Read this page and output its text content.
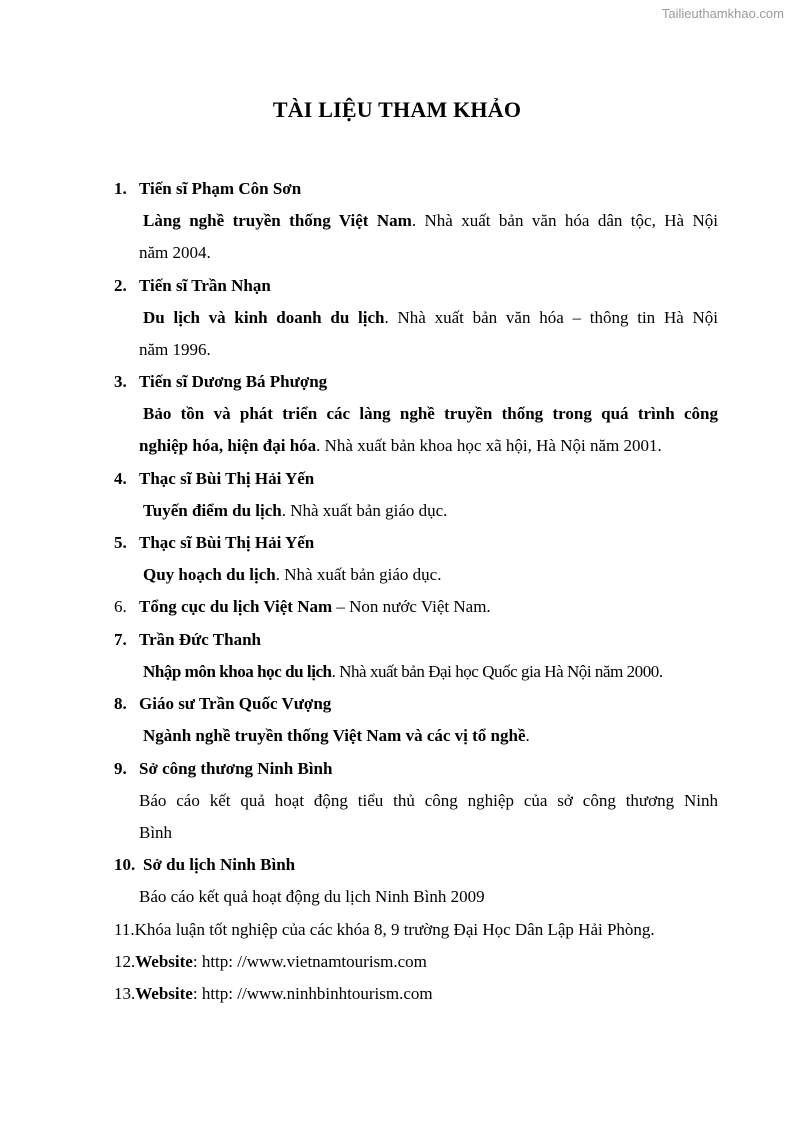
Tailieuthamkhao.com
TÀI LIỆU THAM KHẢO
1. Tiến sĩ Phạm Côn Sơn
Làng nghề truyền thống Việt Nam. Nhà xuất bản văn hóa dân tộc, Hà Nội
năm 2004.
2. Tiến sĩ Trần Nhạn
Du lịch và kinh doanh du lịch. Nhà xuất bản văn hóa – thông tin Hà Nội
năm 1996.
3. Tiến sĩ Dương Bá Phượng
Bảo tồn và phát triển các làng nghề truyền thống trong quá trình công
nghiệp hóa, hiện đại hóa. Nhà xuất bản khoa học xã hội, Hà Nội năm 2001.
4. Thạc sĩ Bùi Thị Hải Yến
Tuyến điểm du lịch. Nhà xuất bản giáo dục.
5. Thạc sĩ Bùi Thị Hải Yến
Quy hoạch du lịch. Nhà xuất bản giáo dục.
6. Tổng cục du lịch Việt Nam – Non nước Việt Nam.
7. Trần Đức Thanh
Nhập môn khoa học du lịch. Nhà xuất bản Đại học Quốc gia Hà Nội năm 2000.
8. Giáo sư Trần Quốc Vượng
Ngành nghề truyền thống Việt Nam và các vị tổ nghề.
9. Sở công thương Ninh Bình
Báo cáo kết quả hoạt động tiểu thủ công nghiệp của sở công thương Ninh
Bình
10. Sở du lịch Ninh Bình
Báo cáo kết quả hoạt động du lịch Ninh Bình 2009
11.Khóa luận tốt nghiệp của các khóa 8, 9 trường Đại Học Dân Lập Hải Phòng.
12.Website: http: //www.vietnamtourism.com
13.Website: http: //www.ninhbinhtourism.com
